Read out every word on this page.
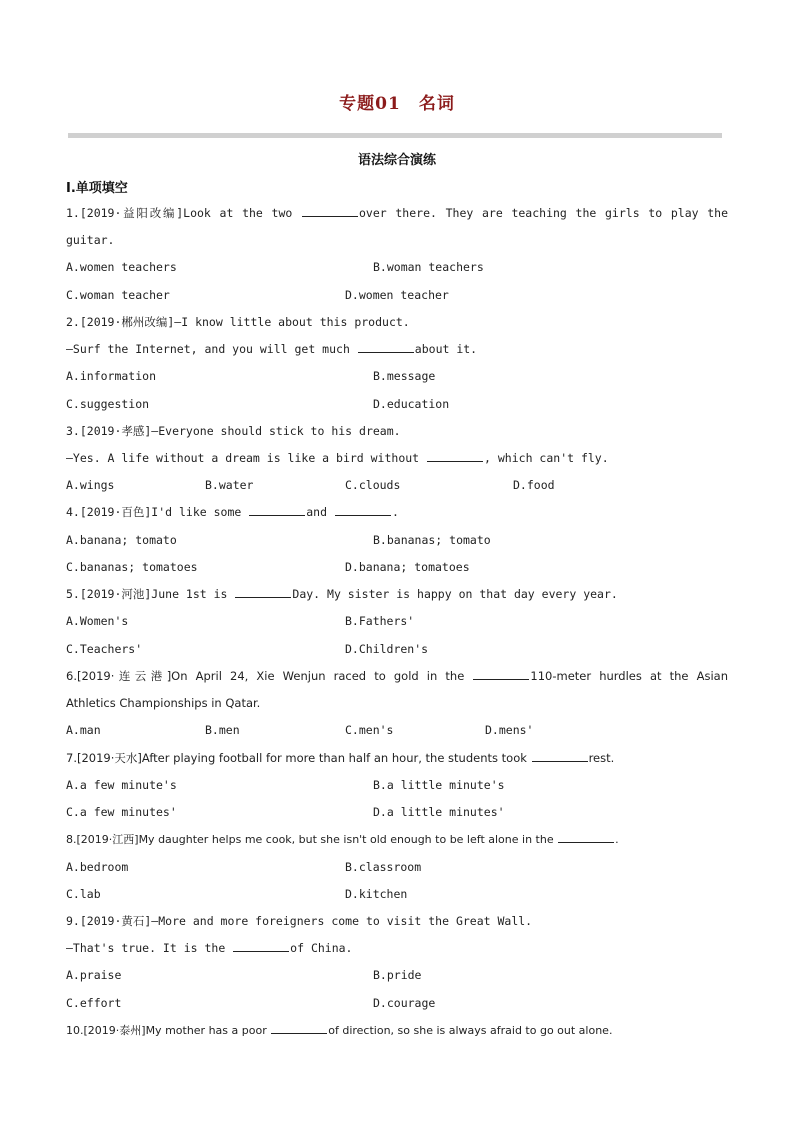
专题01　名词
语法综合演练
Ⅰ.单项填空
1.[2019·益阳改编]Look at the two	over there. They are teaching the girls to play the
guitar.
A.women teachers	B.woman teachers
C.woman teacher	D.women teacher
2.[2019·郴州改编]—I know little about this product.
—Surf the Internet, and you will get much	about it.
A.information	B.message
C.suggestion	D.education
3.[2019·孝感]—Everyone should stick to his dream.
—Yes. A life without a dream is like a bird without	, which can't fly.
A.wings	B.water	C.clouds	D.food
4.[2019·百色]I'd like some	and	.
A.banana; tomato	B.bananas; tomato
C.bananas; tomatoes	D.banana; tomatoes
5.[2019·河池]June 1st is	Day. My sister is happy on that day every year.
A.Women's	B.Fathers'
C.Teachers'	D.Children's
6.[2019·连云港]On April 24, Xie Wenjun raced to gold in the	110-meter hurdles at the Asian
Athletics Championships in Qatar.
A.man	B.men	C.men's	D.mens'
7.[2019·天水]After playing football for more than half an hour, the students took	rest.
A.a few minute's	B.a little minute's
C.a few minutes'	D.a little minutes'
8.[2019·江西]My daughter helps me cook, but she isn't old enough to be left alone in the	.
A.bedroom	B.classroom
C.lab	D.kitchen
9.[2019·黄石]—More and more foreigners come to visit the Great Wall.
—That's true. It is the	of China.
A.praise	B.pride
C.effort	D.courage
10.[2019·泰州]My mother has a poor	of direction, so she is always afraid to go out alone.
